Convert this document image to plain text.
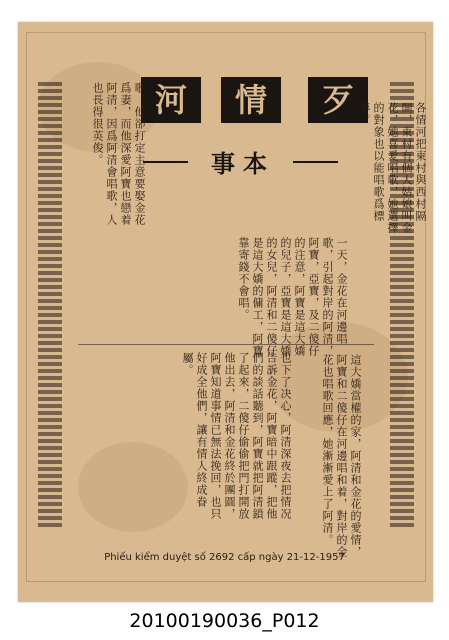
河	情	歹
事本	各情河把東村與西村隔開，東村有個大姑娘叫金花，她喜愛唱歌，她選擇的對象也以能唱歌爲標準。
一天，金花在河邊唱歌，引起對岸的阿清，阿寶，亞寶，及二傻仔的注意，阿寶是這大嬌的兒子，亞寶是這大嬌的女兒，阿清和二傻仔是這大嬌的傭工，阿寶靠寄錢不會唱。
歌，他卻打定主意要娶金花爲妻，而他深愛阿寶也戀着阿清，因爲阿清會唱歌，人也長得很英俊。
這大嬌當權的家，阿清和金花的愛情，阿寶和二傻仔在河邊唱和着，對岸的金花也唱歌回應，她漸漸愛上了阿清。
也下了决心，阿清深夜去把情况告訴金花，阿寶暗中跟蹤，把他們的談話聽到，阿寶就把阿清鎖了起來，二傻仔偷偷把門打開放他出去，阿清和金花終於團圓，阿寶知道事情已無法挽回，也只好成全他們，讓有情人終成眷屬。
Phiếu kiểm duyệt số 2692 cấp ngày 21-12-1957
20100190036_P012
